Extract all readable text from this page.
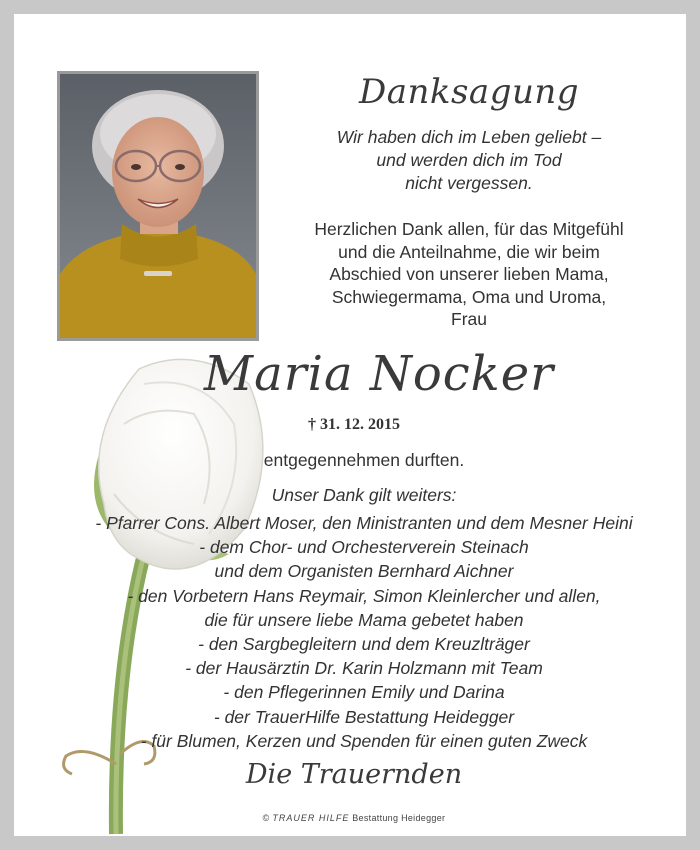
Danksagung
Wir haben dich im Leben geliebt –
und werden dich im Tod
nicht vergessen.
Herzlichen Dank allen, für das Mitgefühl
und die Anteilnahme, die wir beim
Abschied von unserer lieben Mama,
Schwiegermama, Oma und Uroma,
Frau
Maria Nocker
† 31. 12. 2015
entgegennehmen durften.
Unser Dank gilt weiters:
- Pfarrer Cons. Albert Moser, den Ministranten und dem Mesner Heini
- dem Chor- und Orchesterverein Steinach
und dem Organisten Bernhard Aichner
- den Vorbetern Hans Reymair, Simon Kleinlercher und allen,
die für unsere liebe Mama gebetet haben
- den Sargbegleitern und dem Kreuzlträger
- der Hausärztin Dr. Karin Holzmann mit Team
- den Pflegerinnen Emily und Darina
- der TrauerHilfe Bestattung Heidegger
- für Blumen, Kerzen und Spenden für einen guten Zweck
Die Trauernden
© TRAUER HILFE Bestattung Heidegger
